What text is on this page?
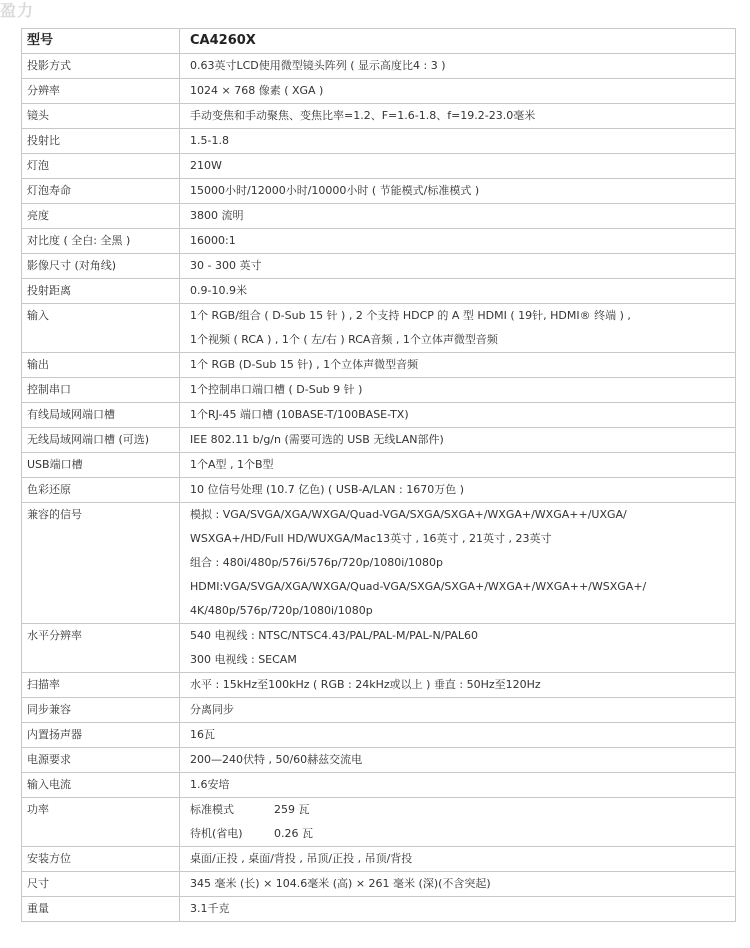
盈力
型号	CA4260X

投影方式	0.63英寸LCD使用微型镜头阵列 ( 显示高度比4 : 3 )

分辨率	1024 × 768 像素 ( XGA )

镜头	手动变焦和手动聚焦、变焦比率=1.2、F=1.6-1.8、f=19.2-23.0毫米

投射比	1.5-1.8

灯泡	210W

灯泡寿命	15000小时/12000小时/10000小时 ( 节能模式/标准模式 )

亮度	3800 流明

对比度 ( 全白: 全黑 )	16000:1

影像尺寸 (对角线)	30 - 300 英寸

投射距离	0.9-10.9米

输入	1个 RGB/组合 ( D-Sub 15 针 ) , 2 个支持 HDCP 的 A 型 HDMI ( 19针, HDMI® 终端 ) ,
1个视频 ( RCA ) , 1个 ( 左/右 ) RCA音频 , 1个立体声微型音频

输出	1个 RGB (D-Sub 15 针) , 1个立体声微型音频

控制串口	1个控制串口端口槽 ( D-Sub 9 针 )

有线局域网端口槽	1个RJ-45 端口槽 (10BASE-T/100BASE-TX)

无线局域网端口槽 (可选)	IEE 802.11 b/g/n (需要可选的 USB 无线LAN部件)

USB端口槽	1个A型 , 1个B型

色彩还原	10 位信号处理 (10.7 亿色) ( USB-A/LAN : 1670万色 )

兼容的信号	模拟 : VGA/SVGA/XGA/WXGA/Quad-VGA/SXGA/SXGA+/WXGA+/WXGA++/UXGA/
WSXGA+/HD/Full HD/WUXGA/Mac13英寸 , 16英寸 , 21英寸 , 23英寸
组合 : 480i/480p/576i/576p/720p/1080i/1080p
HDMI:VGA/SVGA/XGA/WXGA/Quad-VGA/SXGA/SXGA+/WXGA+/WXGA++/WSXGA+/
4K/480p/576p/720p/1080i/1080p

水平分辨率	540 电视线 : NTSC/NTSC4.43/PAL/PAL-M/PAL-N/PAL60
300 电视线 : SECAM

扫描率	水平 : 15kHz至100kHz ( RGB : 24kHz或以上 ) 垂直 : 50Hz至120Hz

同步兼容	分离同步

内置扬声器	16瓦

电源要求	200—240伏特 , 50/60赫兹交流电

输入电流	1.6安培

功率	标准模式 259 瓦
待机(省电) 0.26 瓦

安装方位	桌面/正投 , 桌面/背投 , 吊顶/正投 , 吊顶/背投

尺寸	345 毫米 (长) × 104.6毫米 (高) × 261 毫米 (深)(不含突起)

重量	3.1千克
